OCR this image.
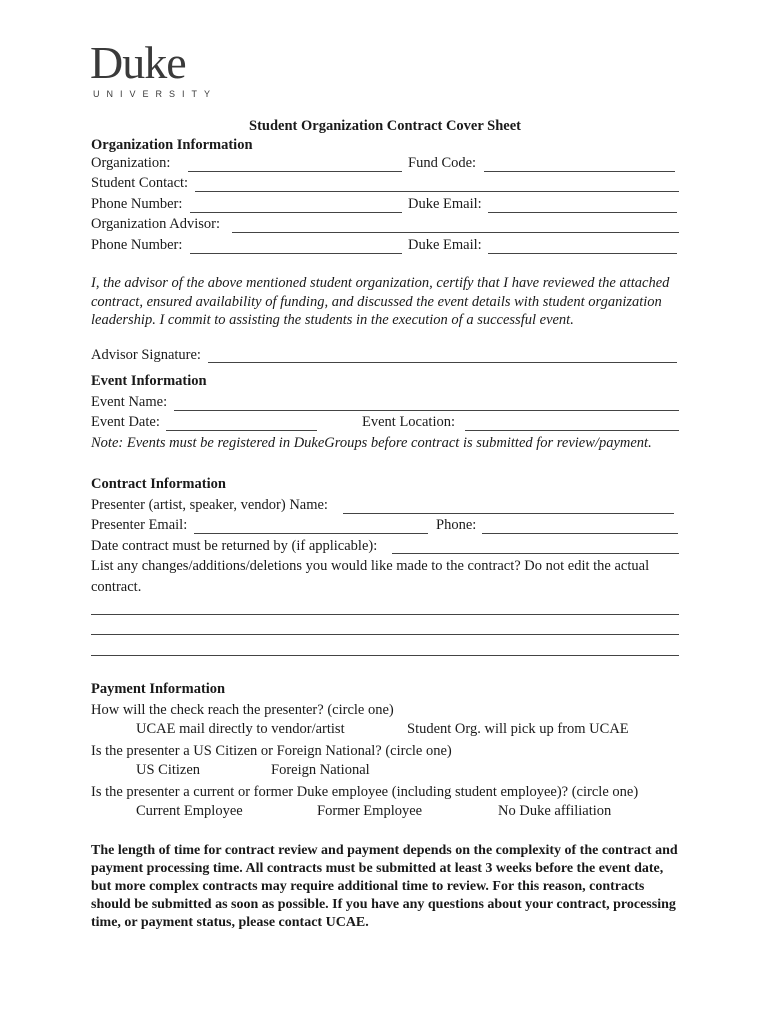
Duke
UNIVERSITY
Student Organization Contract Cover Sheet
Organization Information
Organization:	Fund Code:
Student Contact:
Phone Number:	Duke Email:
Organization Advisor:
Phone Number:	Duke Email:
I, the advisor of the above mentioned student organization, certify that I have reviewed the attached contract, ensured availability of funding, and discussed the event details with student organization leadership. I commit to assisting the students in the execution of a successful event.
Advisor Signature:
Event Information
Event Name:
Event Date:	Event Location:
Note: Events must be registered in DukeGroups before contract is submitted for review/payment.
Contract Information
Presenter (artist, speaker, vendor) Name:
Presenter Email:	Phone:
Date contract must be returned by (if applicable):
List any changes/additions/deletions you would like made to the contract? Do not edit the actual
contract.
Payment Information
How will the check reach the presenter? (circle one)
UCAE mail directly to vendor/artist	Student Org. will pick up from UCAE
Is the presenter a US Citizen or Foreign National? (circle one)
US Citizen	Foreign National
Is the presenter a current or former Duke employee (including student employee)? (circle one)
Current Employee	Former Employee	No Duke affiliation
The length of time for contract review and payment depends on the complexity of the contract and payment processing time. All contracts must be submitted at least 3 weeks before the event date, but more complex contracts may require additional time to review. For this reason, contracts should be submitted as soon as possible. If you have any questions about your contract, processing time, or payment status, please contact UCAE.
